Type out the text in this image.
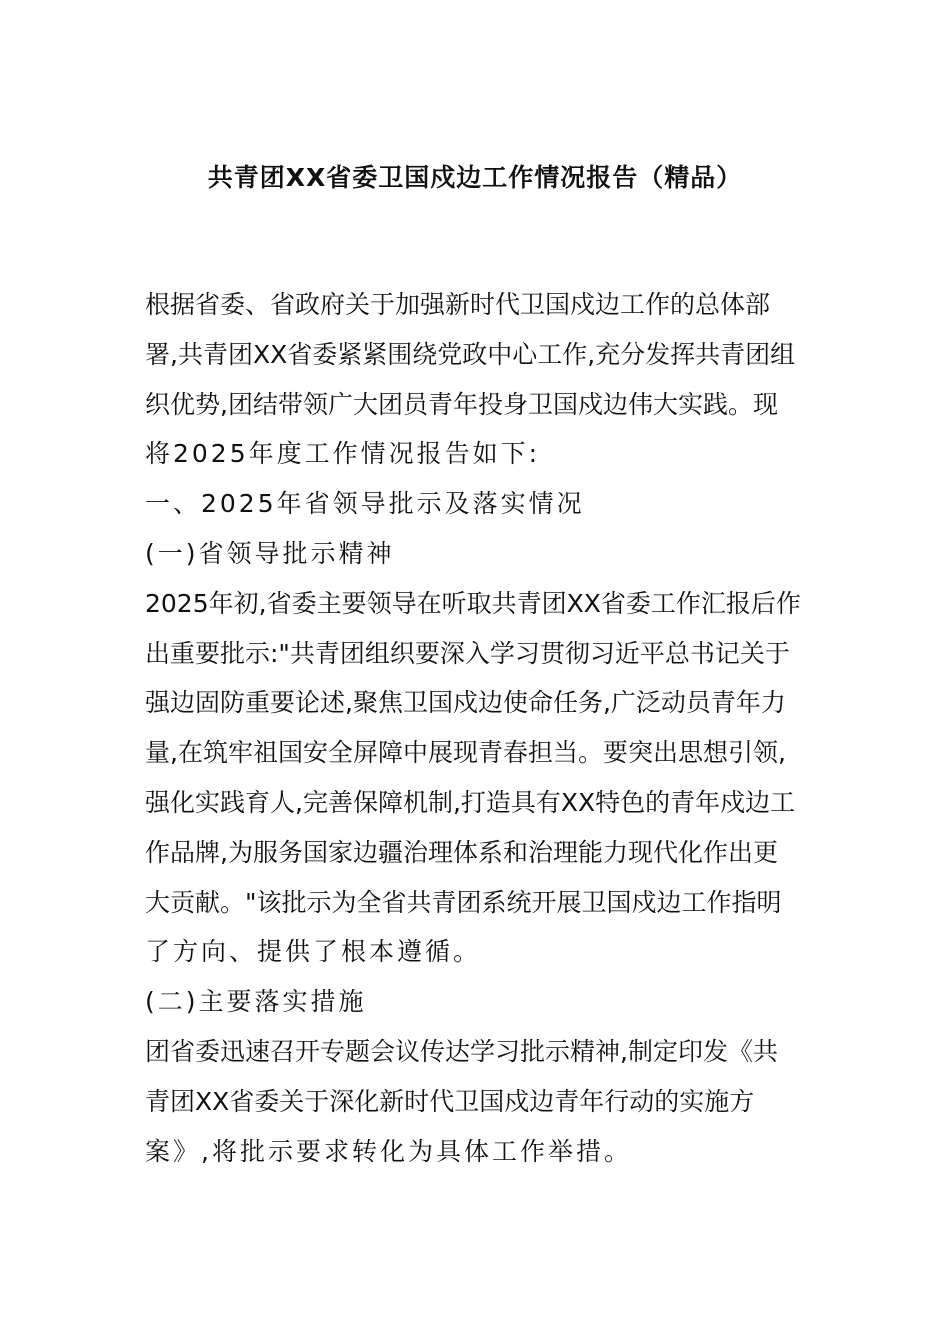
共青团XX省委卫国戍边工作情况报告（精品）
根据省委、省政府关于加强新时代卫国戍边工作的总体部
署,共青团XX省委紧紧围绕党政中心工作,充分发挥共青团组
织优势,团结带领广大团员青年投身卫国戍边伟大实践。现
将2025年度工作情况报告如下:
一、2025年省领导批示及落实情况
(一)省领导批示精神
2025年初,省委主要领导在听取共青团XX省委工作汇报后作
出重要批示:"共青团组织要深入学习贯彻习近平总书记关于
强边固防重要论述,聚焦卫国戍边使命任务,广泛动员青年力
量,在筑牢祖国安全屏障中展现青春担当。要突出思想引领,
强化实践育人,完善保障机制,打造具有XX特色的青年戍边工
作品牌,为服务国家边疆治理体系和治理能力现代化作出更
大贡献。"该批示为全省共青团系统开展卫国戍边工作指明
了方向、提供了根本遵循。
(二)主要落实措施
团省委迅速召开专题会议传达学习批示精神,制定印发《共
青团XX省委关于深化新时代卫国戍边青年行动的实施方
案》,将批示要求转化为具体工作举措。
